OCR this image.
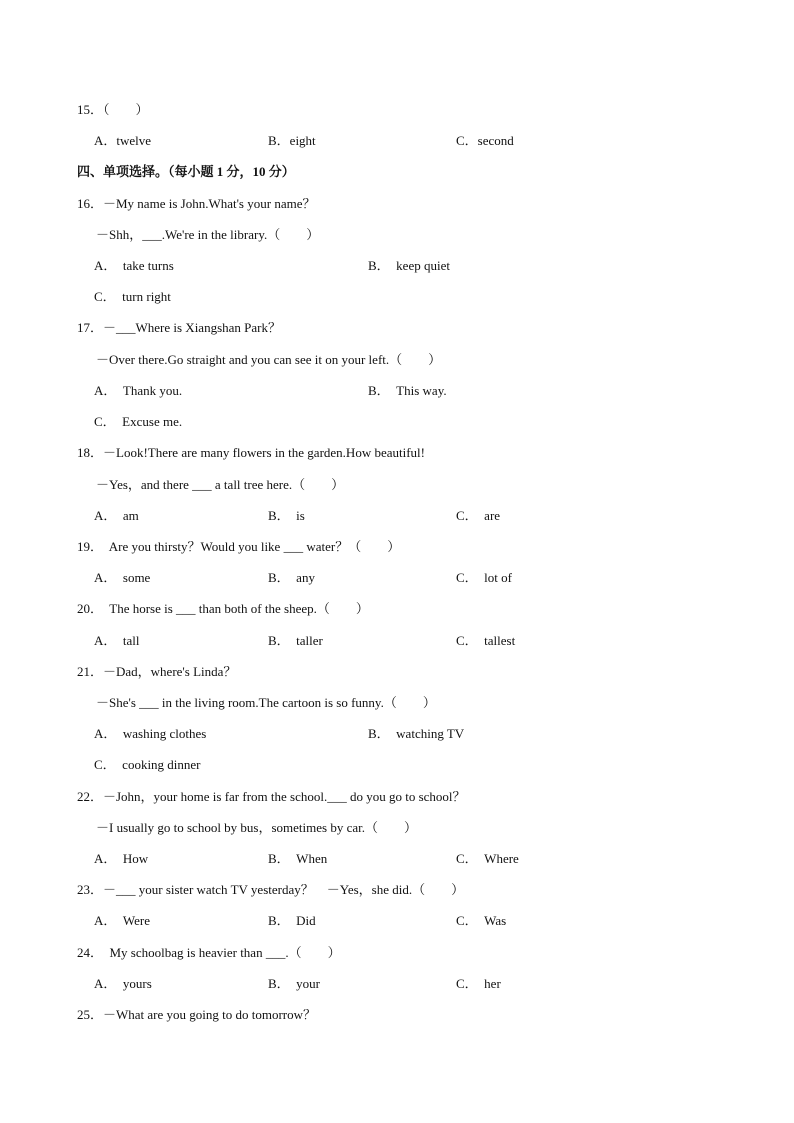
15．（　　）
A．twelve	B．eight	C．second
四、单项选择。（每小题 1 分，10 分）
16．－My name is John.What's your name？
－Shh，___.We're in the library.（　　）
A．　take turns	B．　keep quiet
C．　turn right
17．－___Where is Xiangshan Park？
－Over there.Go straight and you can see it on your left.（　　）
A．　Thank you.	B．　This way.
C．　Excuse me.
18．－Look!There are many flowers in the garden.How beautiful!
－Yes，and there ___ a tall tree here.（　　）
A．　am	B．　is	C．　are
19．  Are you thirsty？Would you like ___ water？（　　）
A．　some	B．　any	C．　lot of
20．  The horse is ___ than both of the sheep.（　　）
A．　tall	B．　taller	C．　tallest
21．－Dad，where's Linda？
－She's ___ in the living room.The cartoon is so funny.（　　）
A．　washing clothes	B．　watching TV
C．　cooking dinner
22．－John，your home is far from the school.___ do you go to school？
－I usually go to school by bus，sometimes by car.（　　）
A．　How	B．　When	C．　Where
23．－___ your sister watch TV yesterday？　－Yes，she did.（　　）
A．　Were	B．　Did	C．　Was
24．  My schoolbag is heavier than ___.（　　）
A．　yours	B．　your	C．　her
25．－What are you going to do tomorrow？
